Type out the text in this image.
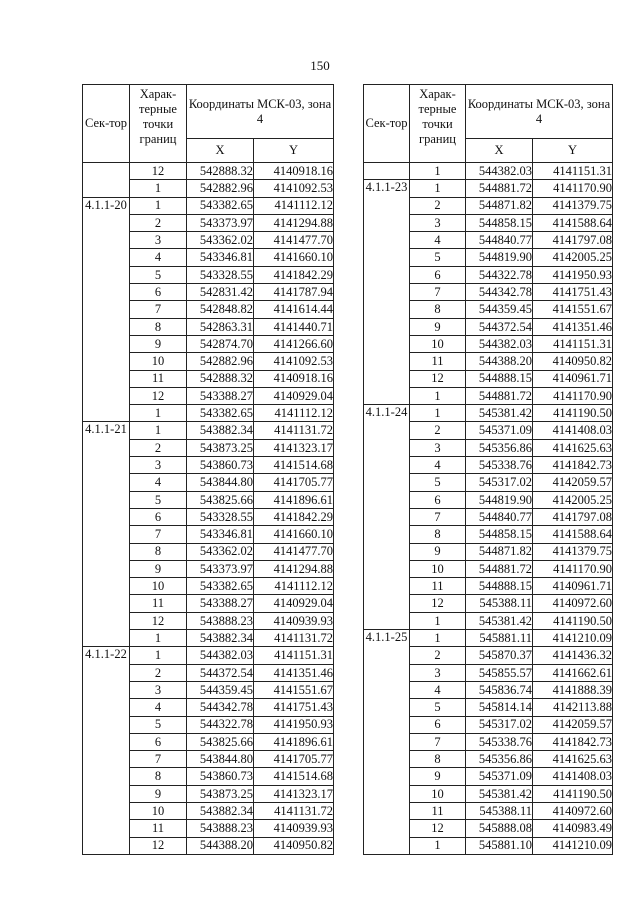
150
Сек-тор	Харак-терные точки границ	Координаты МСК-03, зона 4	
		X	Y
	12	542888.32	4140918.16
	1	542882.96	4141092.53
4.1.1-20	1	543382.65	4141112.12
	2	543373.97	4141294.88
	3	543362.02	4141477.70
	4	543346.81	4141660.10
	5	543328.55	4141842.29
	6	542831.42	4141787.94
	7	542848.82	4141614.44
	8	542863.31	4141440.71
	9	542874.70	4141266.60
	10	542882.96	4141092.53
	11	542888.32	4140918.16
	12	543388.27	4140929.04
	1	543382.65	4141112.12
4.1.1-21	1	543882.34	4141131.72
	2	543873.25	4141323.17
	3	543860.73	4141514.68
	4	543844.80	4141705.77
	5	543825.66	4141896.61
	6	543328.55	4141842.29
	7	543346.81	4141660.10
	8	543362.02	4141477.70
	9	543373.97	4141294.88
	10	543382.65	4141112.12
	11	543388.27	4140929.04
	12	543888.23	4140939.93
	1	543882.34	4141131.72
4.1.1-22	1	544382.03	4141151.31
	2	544372.54	4141351.46
	3	544359.45	4141551.67
	4	544342.78	4141751.43
	5	544322.78	4141950.93
	6	543825.66	4141896.61
	7	543844.80	4141705.77
	8	543860.73	4141514.68
	9	543873.25	4141323.17
	10	543882.34	4141131.72
	11	543888.23	4140939.93
	12	544388.20	4140950.82
Сек-тор	Харак-терные точки границ	Координаты МСК-03, зона 4	
		X	Y
	1	544382.03	4141151.31
4.1.1-23	1	544881.72	4141170.90
	2	544871.82	4141379.75
	3	544858.15	4141588.64
	4	544840.77	4141797.08
	5	544819.90	4142005.25
	6	544322.78	4141950.93
	7	544342.78	4141751.43
	8	544359.45	4141551.67
	9	544372.54	4141351.46
	10	544382.03	4141151.31
	11	544388.20	4140950.82
	12	544888.15	4140961.71
	1	544881.72	4141170.90
4.1.1-24	1	545381.42	4141190.50
	2	545371.09	4141408.03
	3	545356.86	4141625.63
	4	545338.76	4141842.73
	5	545317.02	4142059.57
	6	544819.90	4142005.25
	7	544840.77	4141797.08
	8	544858.15	4141588.64
	9	544871.82	4141379.75
	10	544881.72	4141170.90
	11	544888.15	4140961.71
	12	545388.11	4140972.60
	1	545381.42	4141190.50
4.1.1-25	1	545881.11	4141210.09
	2	545870.37	4141436.32
	3	545855.57	4141662.61
	4	545836.74	4141888.39
	5	545814.14	4142113.88
	6	545317.02	4142059.57
	7	545338.76	4141842.73
	8	545356.86	4141625.63
	9	545371.09	4141408.03
	10	545381.42	4141190.50
	11	545388.11	4140972.60
	12	545888.08	4140983.49
	1	545881.10	4141210.09
